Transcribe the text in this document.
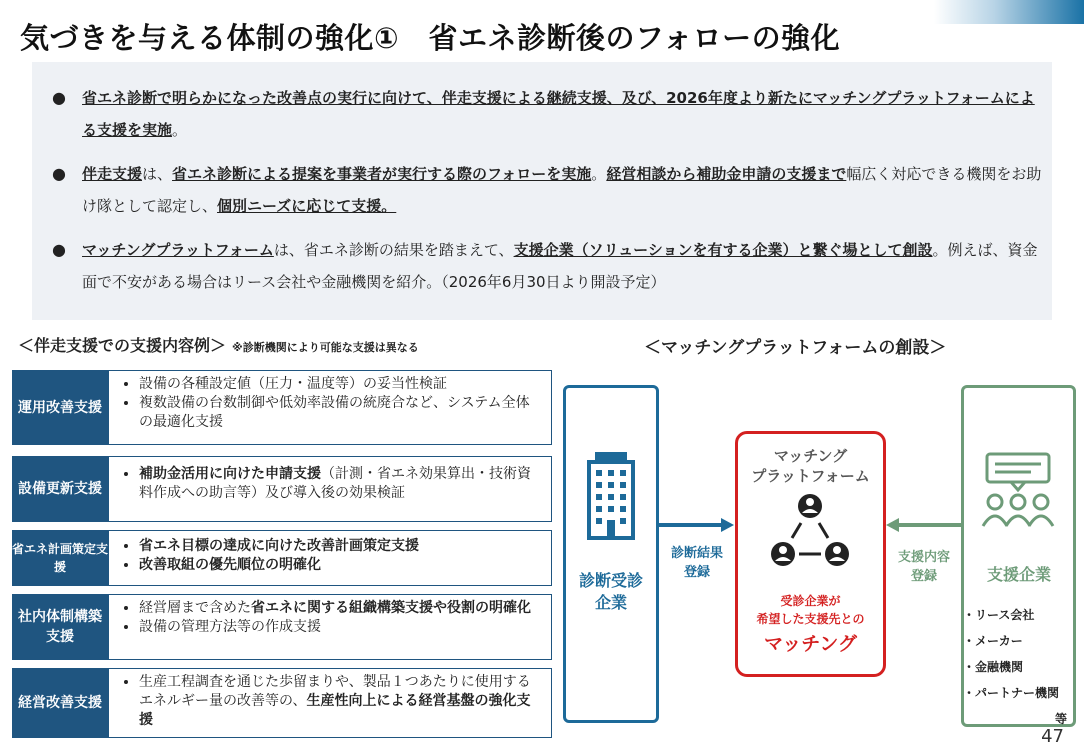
気づきを与える体制の強化①　省エネ診断後のフォローの強化
● 省エネ診断で明らかになった改善点の実行に向けて、伴走支援による継続支援、及び、2026年度より新たにマッチングプラットフォームによる支援を実施。
● 伴走支援は、省エネ診断による提案を事業者が実行する際のフォローを実施。経営相談から補助金申請の支援まで幅広く対応できる機関をお助け隊として認定し、個別ニーズに応じて支援。
● マッチングプラットフォームは、省エネ診断の結果を踏まえて、支援企業（ソリューションを有する企業）と繋ぐ場として創設。例えば、資金面で不安がある場合はリース会社や金融機関を紹介。（2026年6月30日より開設予定）
＜伴走支援での支援内容例＞ ※診断機関により可能な支援は異なる	＜マッチングプラットフォームの創設＞
運用改善支援
• 設備の各種設定値（圧力・温度等）の妥当性検証
• 複数設備の台数制御や低効率設備の統廃合など、システム全体の最適化支援
設備更新支援
• 補助金活用に向けた申請支援（計測・省エネ効果算出・技術資料作成への助言等）及び導入後の効果検証
省エネ計画策定支援
• 省エネ目標の達成に向けた改善計画策定支援
• 改善取組の優先順位の明確化
社内体制構築支援
• 経営層まで含めた省エネに関する組織構築支援や役割の明確化
• 設備の管理方法等の作成支援
経営改善支援
• 生産工程調査を通じた歩留まりや、製品１つあたりに使用するエネルギー量の改善等の、生産性向上による経営基盤の強化支援
診断受診
企業
診断結果
登録
マッチング
プラットフォーム
受診企業が
希望した支援先との
マッチング
支援内容
登録	支援企業
・リース会社
・メーカー
・金融機関
・パートナー機関
等
47
